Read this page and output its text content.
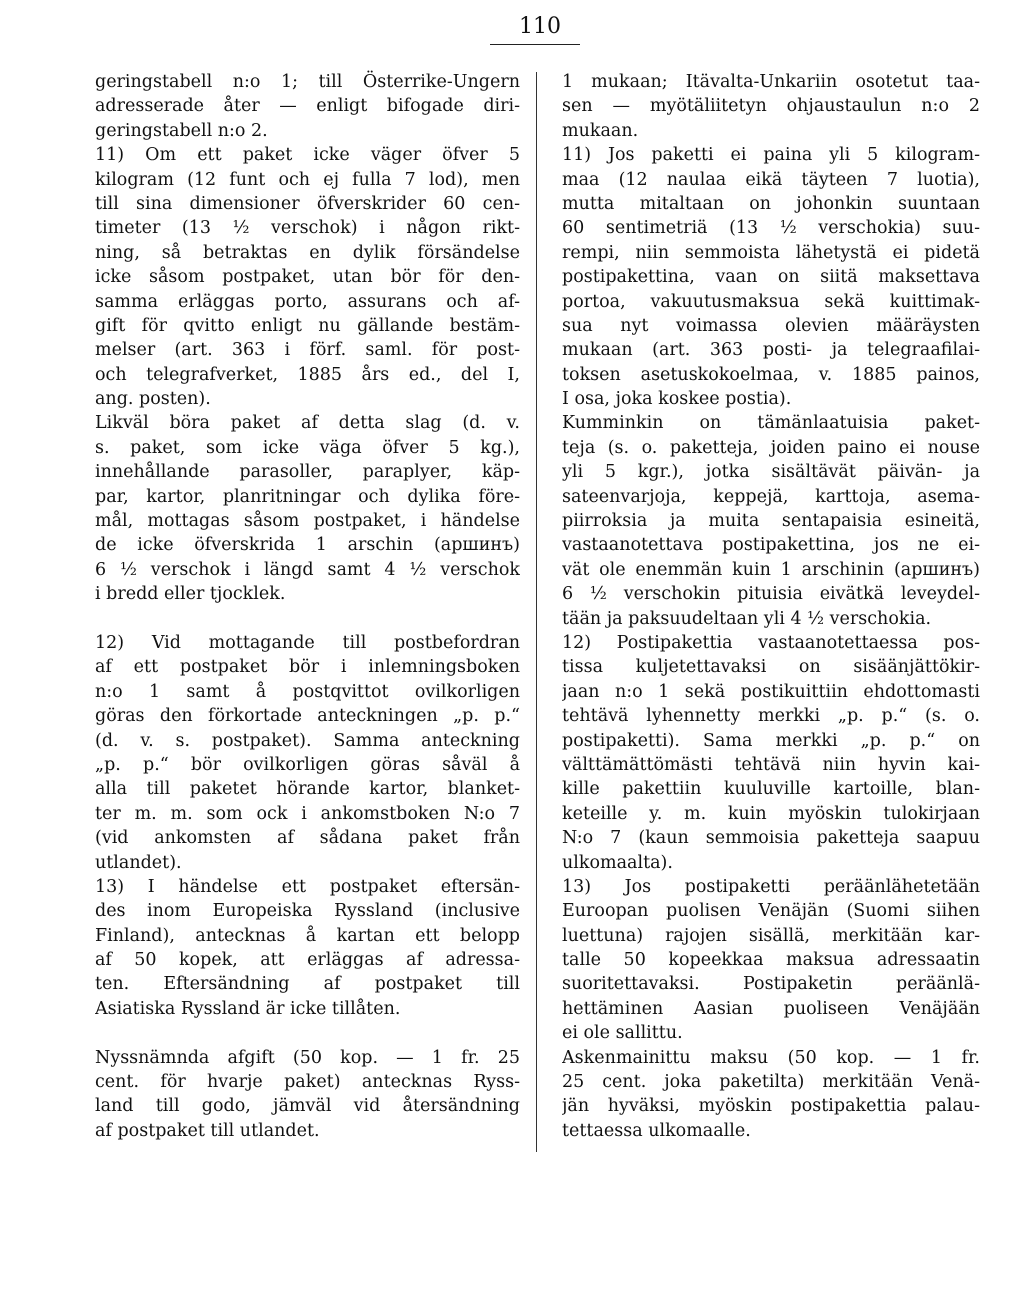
110
geringstabell n:o 1; till Österrike-Ungern
adresserade åter — enligt bifogade diri-
geringstabell n:o 2.
11) Om ett paket icke väger öfver 5
kilogram (12 funt och ej fulla 7 lod), men
till sina dimensioner öfverskrider 60 cen-
timeter (13 ½ verschok) i någon rikt-
ning, så betraktas en dylik försändelse
icke såsom postpaket, utan bör för den-
samma erläggas porto, assurans och af-
gift för qvitto enligt nu gällande bestäm-
melser (art. 363 i förf. saml. för post-
och telegrafverket, 1885 års ed., del I,
ang. posten).
Likväl böra paket af detta slag (d. v.
s. paket, som icke väga öfver 5 kg.),
innehållande parasoller, paraplyer, käp-
par, kartor, planritningar och dylika före-
mål, mottagas såsom postpaket, i händelse
de icke öfverskrida 1 arschin (аршинъ)
6 ½ verschok i längd samt 4 ½ verschok
i bredd eller tjocklek.
12) Vid mottagande till postbefordran
af ett postpaket bör i inlemningsboken
n:o 1 samt å postqvittot ovilkorligen
göras den förkortade anteckningen „p. p.“
(d. v. s. postpaket). Samma anteckning
„p. p.“ bör ovilkorligen göras såväl å
alla till paketet hörande kartor, blanket-
ter m. m. som ock i ankomstboken N:o 7
(vid ankomsten af sådana paket från
utlandet).
13) I händelse ett postpaket eftersän-
des inom Europeiska Ryssland (inclusive
Finland), antecknas å kartan ett belopp
af 50 kopek, att erläggas af adressa-
ten. Eftersändning af postpaket till
Asiatiska Ryssland är icke tillåten.
Nyssnämnda afgift (50 kop. — 1 fr. 25
cent. för hvarje paket) antecknas Ryss-
land till godo, jämväl vid återsändning
af postpaket till utlandet.
1 mukaan; Itävalta-Unkariin osotetut taa-
sen — myötäliitetyn ohjaustaulun n:o 2
mukaan.
11) Jos paketti ei paina yli 5 kilogram-
maa (12 naulaa eikä täyteen 7 luotia),
mutta mitaltaan on johonkin suuntaan
60 sentimetriä (13 ½ verschokia) suu-
rempi, niin semmoista lähetystä ei pidetä
postipakettina, vaan on siitä maksettava
portoa, vakuutusmaksua sekä kuittimak-
sua nyt voimassa olevien määräysten
mukaan (art. 363 posti- ja telegraafilai-
toksen asetuskokoelmaa, v. 1885 painos,
I osa, joka koskee postia).
Kumminkin on tämänlaatuisia paket-
teja (s. o. paketteja, joiden paino ei nouse
yli 5 kgr.), jotka sisältävät päivän- ja
sateenvarjoja, keppejä, karttoja, asema-
piirroksia ja muita sentapaisia esineitä,
vastaanotettava postipakettina, jos ne ei-
vät ole enemmän kuin 1 arschinin (аршинъ)
6 ½ verschokin pituisia eivätkä leveydel-
tään ja paksuudeltaan yli 4 ½ verschokia.
12) Postipakettia vastaanotettaessa pos-
tissa kuljetettavaksi on sisäänjättökir-
jaan n:o 1 sekä postikuittiin ehdottomasti
tehtävä lyhennetty merkki „p. p.“ (s. o.
postipaketti). Sama merkki „p. p.“ on
välttämättömästi tehtävä niin hyvin kai-
kille pakettiin kuuluville kartoille, blan-
keteille y. m. kuin myöskin tulokirjaan
N:o 7 (kaun semmoisia paketteja saapuu
ulkomaalta).
13) Jos postipaketti peräänlähetetään
Euroopan puolisen Venäjän (Suomi siihen
luettuna) rajojen sisällä, merkitään kar-
talle 50 kopeekkaa maksua adressaatin
suoritettavaksi. Postipaketin peräänlä-
hettäminen Aasian puoliseen Venäjään
ei ole sallittu.
Askenmainittu maksu (50 kop. — 1 fr.
25 cent. joka paketilta) merkitään Venä-
jän hyväksi, myöskin postipakettia palau-
tettaessa ulkomaalle.
